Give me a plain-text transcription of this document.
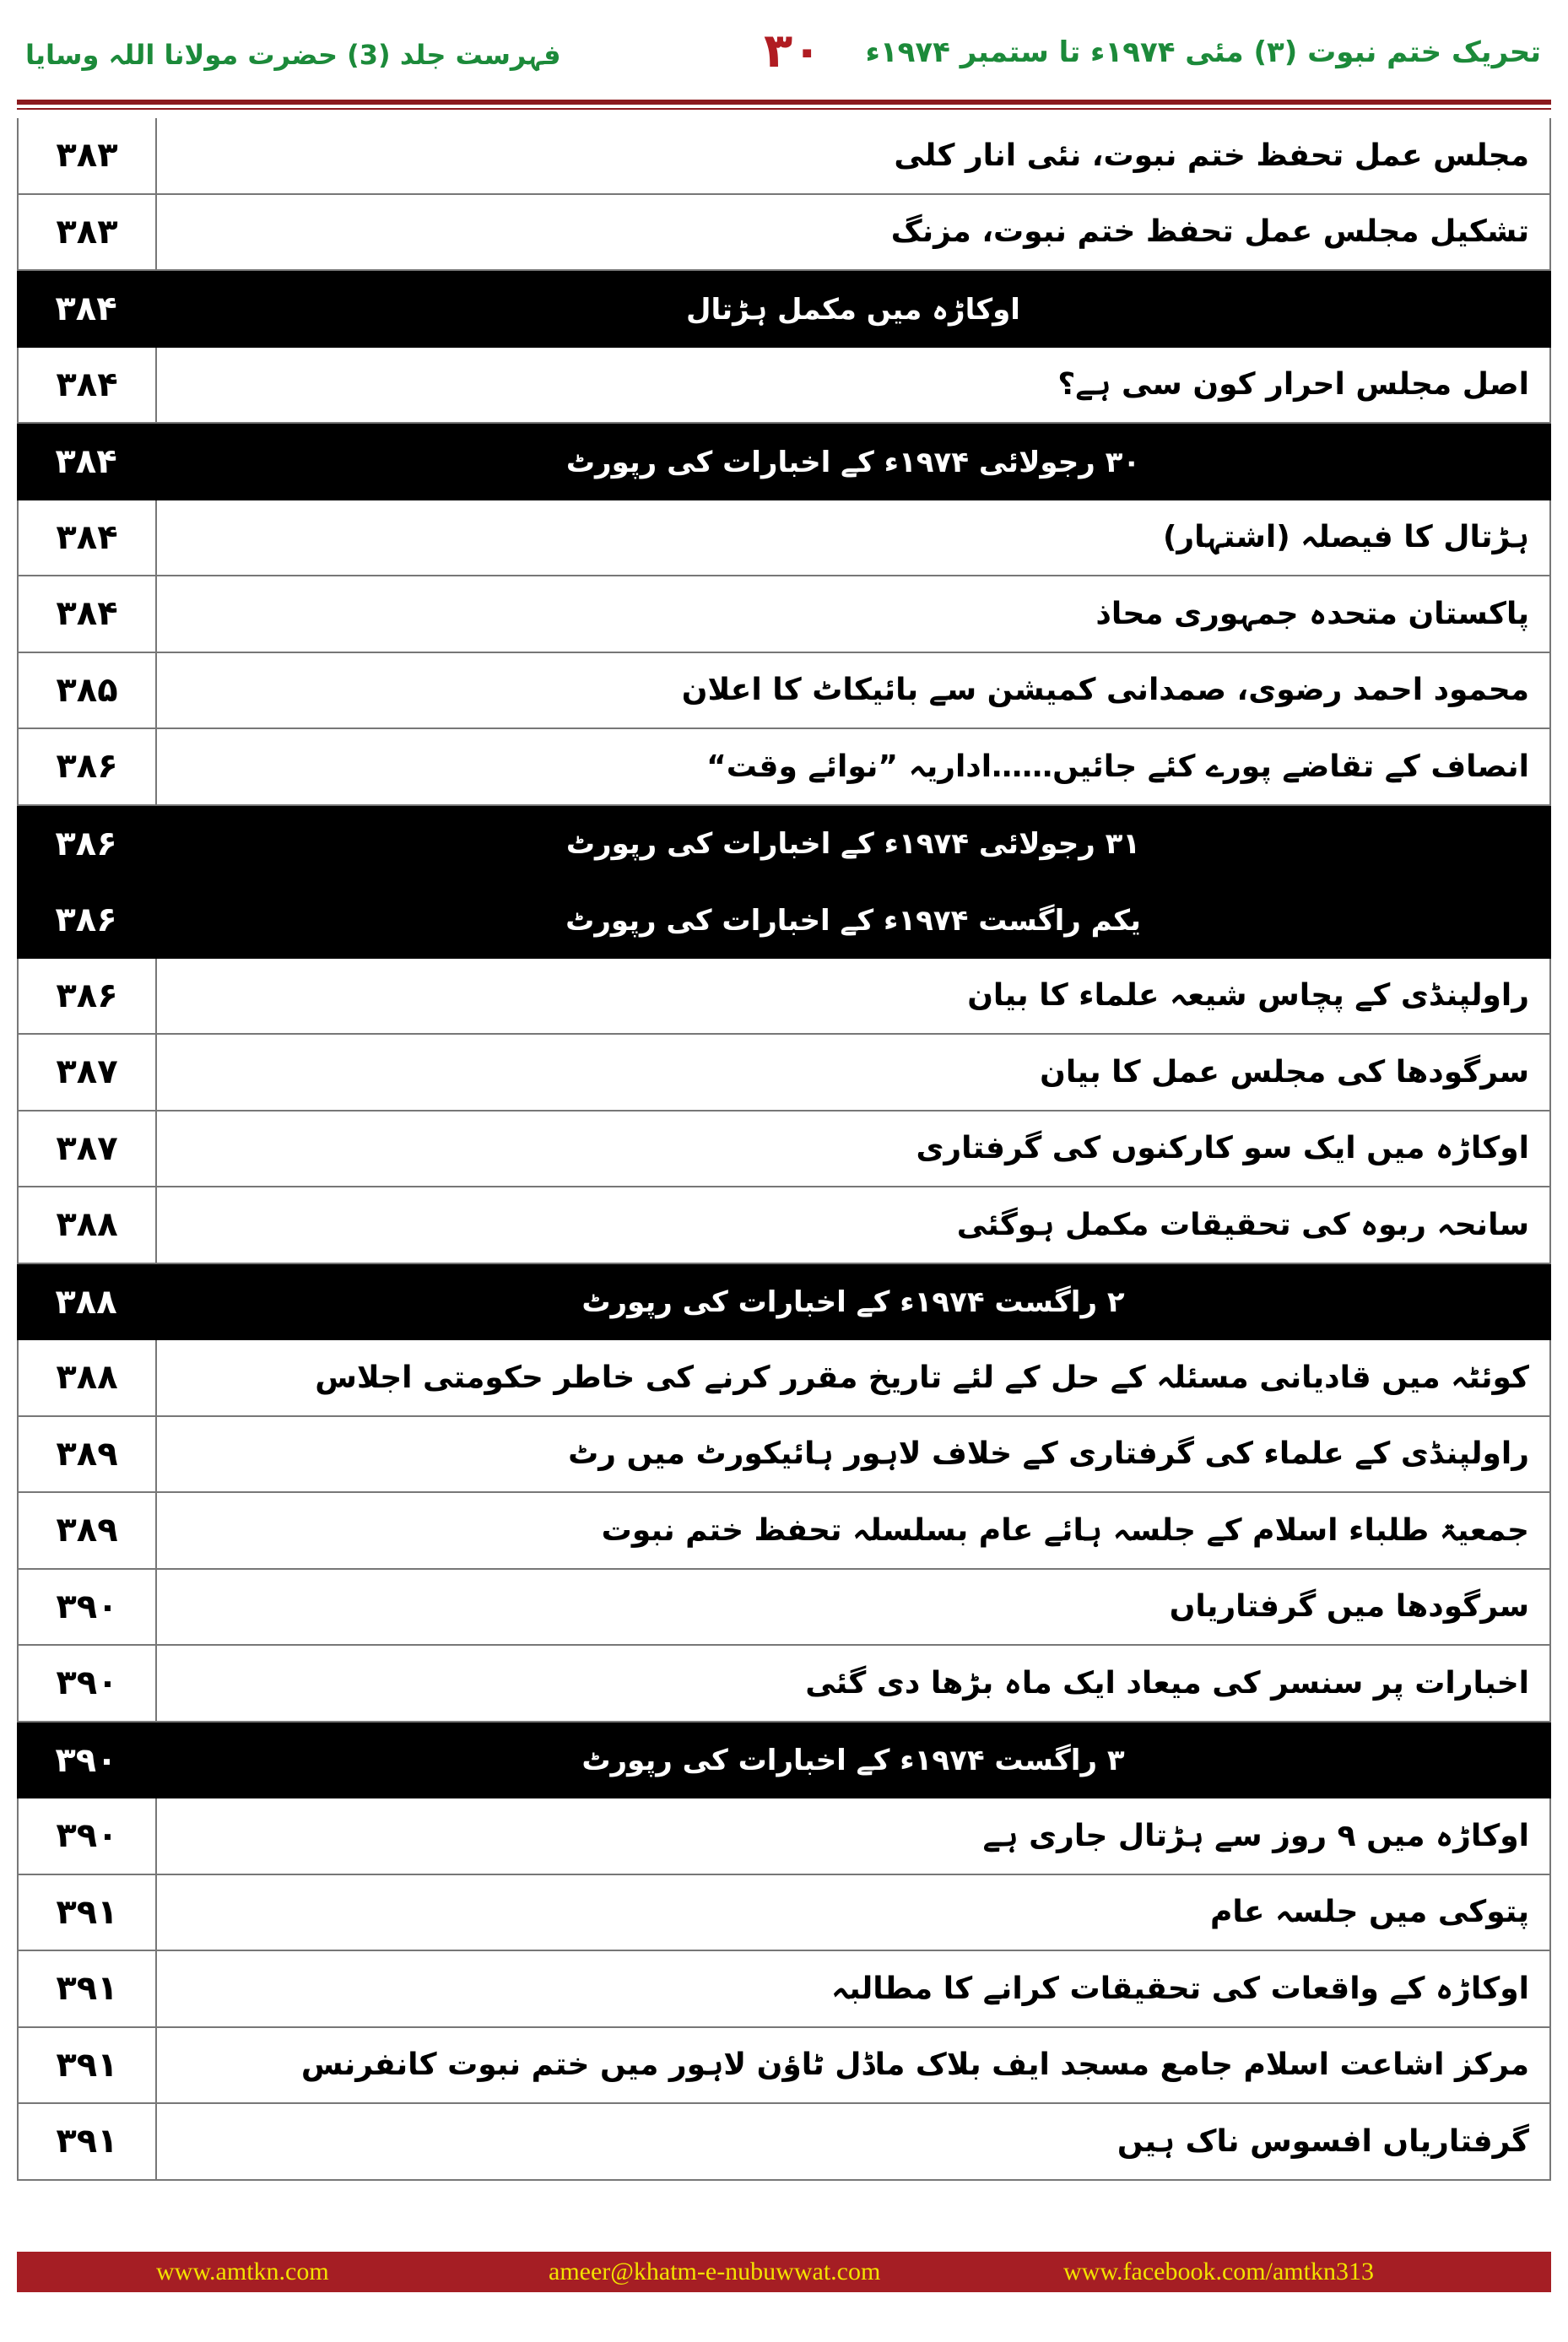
تحریک ختم نبوت (۳) مئی ۱۹۷۴ء تا ستمبر ۱۹۷۴ء
۳۰
فہرست جلد (3) حضرت مولانا اللہ وسایا
۳۸۳	مجلس عمل تحفظ ختم نبوت، نئی انار کلی
۳۸۳	تشکیل مجلس عمل تحفظ ختم نبوت، مزنگ
۳۸۴	اوکاڑہ میں مکمل ہڑتال
۳۸۴	اصل مجلس احرار کون سی ہے؟
۳۸۴	۳۰ رجولائی ۱۹۷۴ء کے اخبارات کی رپورٹ
۳۸۴	ہڑتال کا فیصلہ (اشتہار)
۳۸۴	پاکستان متحدہ جمہوری محاذ
۳۸۵	محمود احمد رضوی، صمدانی کمیشن سے بائیکاٹ کا اعلان
۳۸۶	انصاف کے تقاضے پورے کئے جائیں……اداریہ ”نوائے وقت“
۳۸۶	۳۱ رجولائی ۱۹۷۴ء کے اخبارات کی رپورٹ
۳۸۶	یکم راگست ۱۹۷۴ء کے اخبارات کی رپورٹ
۳۸۶	راولپنڈی کے پچاس شیعہ علماء کا بیان
۳۸۷	سرگودھا کی مجلس عمل کا بیان
۳۸۷	اوکاڑہ میں ایک سو کارکنوں کی گرفتاری
۳۸۸	سانحہ ربوہ کی تحقیقات مکمل ہوگئی
۳۸۸	۲ راگست ۱۹۷۴ء کے اخبارات کی رپورٹ
۳۸۸	کوئٹہ میں قادیانی مسئلہ کے حل کے لئے تاریخ مقرر کرنے کی خاطر حکومتی اجلاس
۳۸۹	راولپنڈی کے علماء کی گرفتاری کے خلاف لاہور ہائیکورٹ میں رٹ
۳۸۹	جمعیۃ طلباء اسلام کے جلسہ ہائے عام بسلسلہ تحفظ ختم نبوت
۳۹۰	سرگودھا میں گرفتاریاں
۳۹۰	اخبارات پر سنسر کی میعاد ایک ماہ بڑھا دی گئی
۳۹۰	۳ راگست ۱۹۷۴ء کے اخبارات کی رپورٹ
۳۹۰	اوکاڑہ میں ۹ روز سے ہڑتال جاری ہے
۳۹۱	پتوکی میں جلسہ عام
۳۹۱	اوکاڑہ کے واقعات کی تحقیقات کرانے کا مطالبہ
۳۹۱	مرکز اشاعت اسلام جامع مسجد ایف بلاک ماڈل ٹاؤن لاہور میں ختم نبوت کانفرنس
۳۹۱	گرفتاریاں افسوس ناک ہیں
www.amtkn.com	ameer@khatm-e-nubuwwat.com	www.facebook.com/amtkn313
